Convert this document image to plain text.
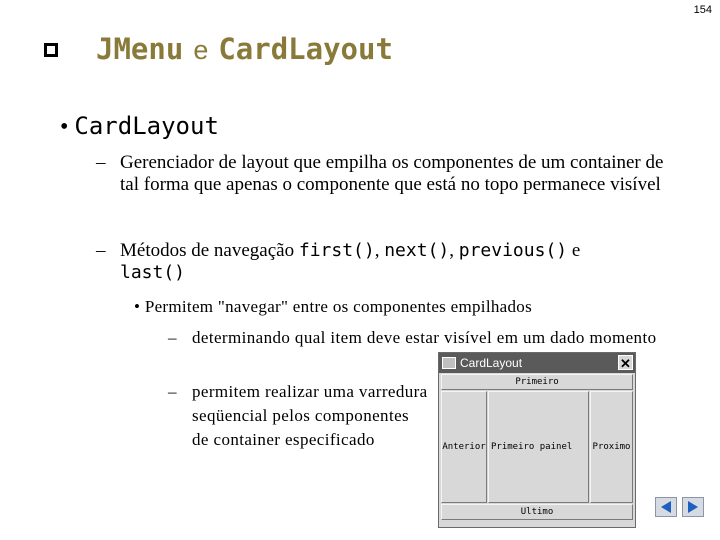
154
JMenu e CardLayout
• CardLayout
– Gerenciador de layout que empilha os componentes de um container de tal forma que apenas o componente que está no topo permanece visível
– Métodos de navegação first(), next(), previous() e
last()
• Permitem "navegar" entre os componentes empilhados
– determinando qual item deve estar visível em um dado momento
– permitem realizar uma varredura seqüencial pelos componentes de container especificado
CardLayout	✕
Primeiro
Anterior Primeiro painel	Proximo
Ultimo
